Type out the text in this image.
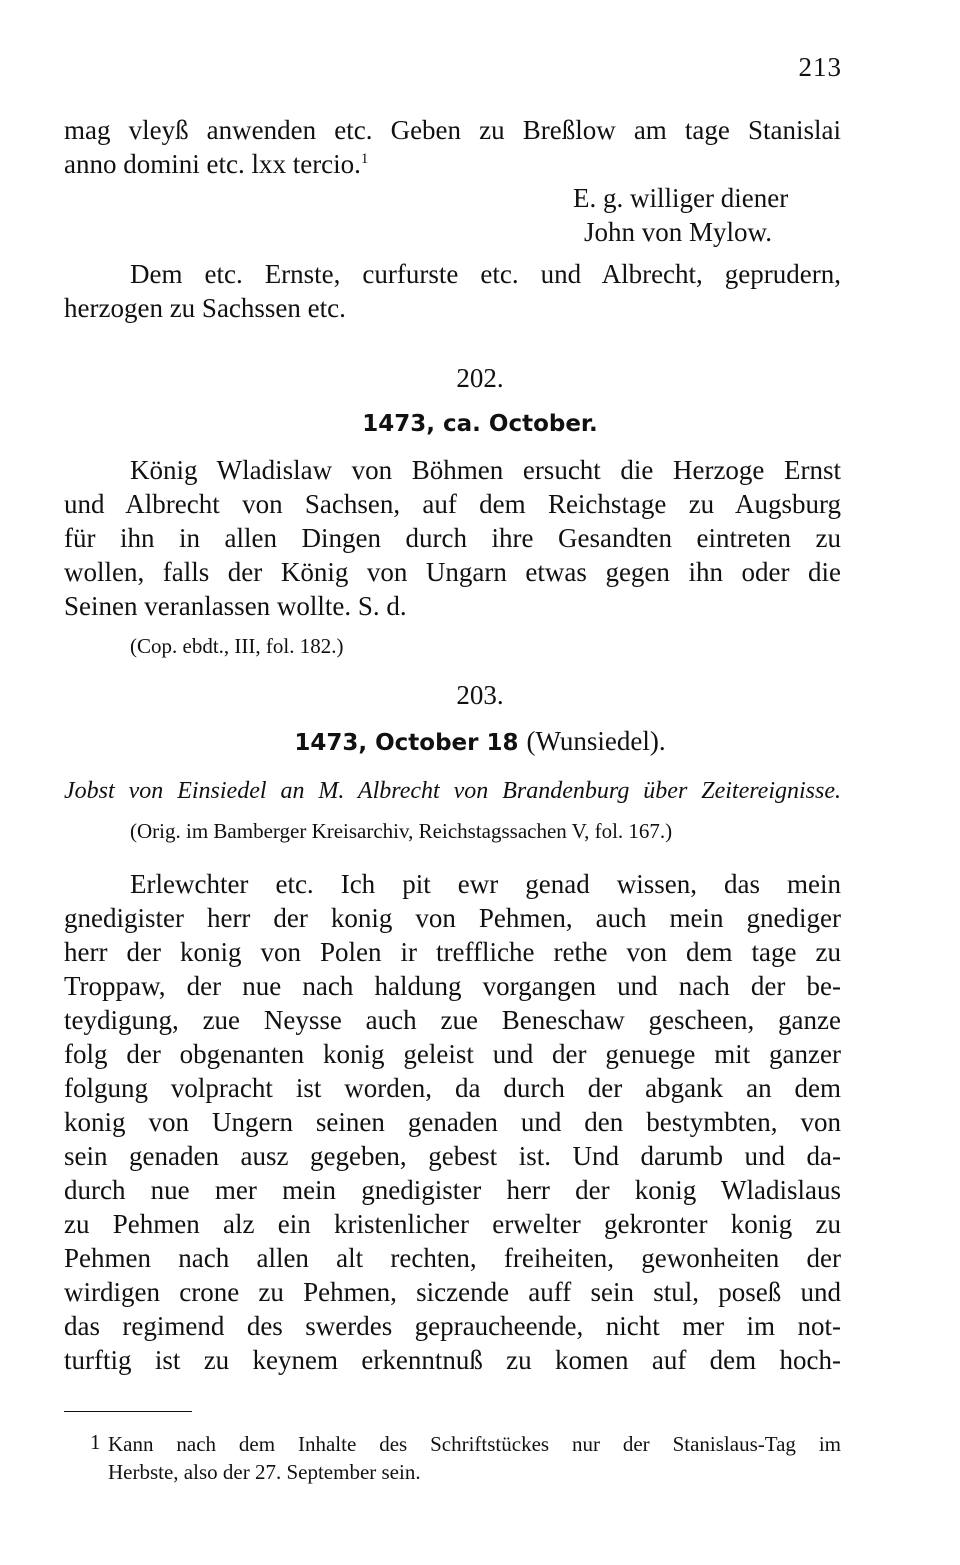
213
mag vleyß anwenden etc. Geben zu Breßlow am tage Stanislai
anno domini etc. lxx tercio.$^1$
E. g. williger diener
John von Mylow.
Dem etc. Ernste, curfurste etc. und Albrecht, geprudern,
herzogen zu Sachssen etc.
202.
1473, ca. October.
König Wladislaw von Böhmen ersucht die Herzoge Ernst
und Albrecht von Sachsen, auf dem Reichstage zu Augsburg
für ihn in allen Dingen durch ihre Gesandten eintreten zu
wollen, falls der König von Ungarn etwas gegen ihn oder die
Seinen veranlassen wollte. S. d.
(Cop. ebdt., III, fol. 182.)
203.
1473, October 18 (Wunsiedel).
Jobst von Einsiedel an M. Albrecht von Brandenburg über Zeitereignisse.
(Orig. im Bamberger Kreisarchiv, Reichstagssachen V, fol. 167.)
Erlewchter etc. Ich pit ewr genad wissen, das mein
gnedigister herr der konig von Pehmen, auch mein gnediger
herr der konig von Polen ir treffliche rethe von dem tage zu
Troppaw, der nue nach haldung vorgangen und nach der be-
teydigung, zue Neysse auch zue Beneschaw gescheen, ganze
folg der obgenanten konig geleist und der genuege mit ganzer
folgung volpracht ist worden, da durch der abgank an dem
konig von Ungern seinen genaden und den bestymbten, von
sein genaden ausz gegeben, gebest ist. Und darumb und da-
durch nue mer mein gnedigister herr der konig Wladislaus
zu Pehmen alz ein kristenlicher erwelter gekronter konig zu
Pehmen nach allen alt rechten, freiheiten, gewonheiten der
wirdigen crone zu Pehmen, siczende auff sein stul, poseß und
das regimend des swerdes gepraucheende, nicht mer im not-
turftig ist zu keynem erkenntnuß zu komen auf dem hoch-
1 Kann nach dem Inhalte des Schriftstückes nur der Stanislaus-Tag im
Herbste, also der 27. September sein.
